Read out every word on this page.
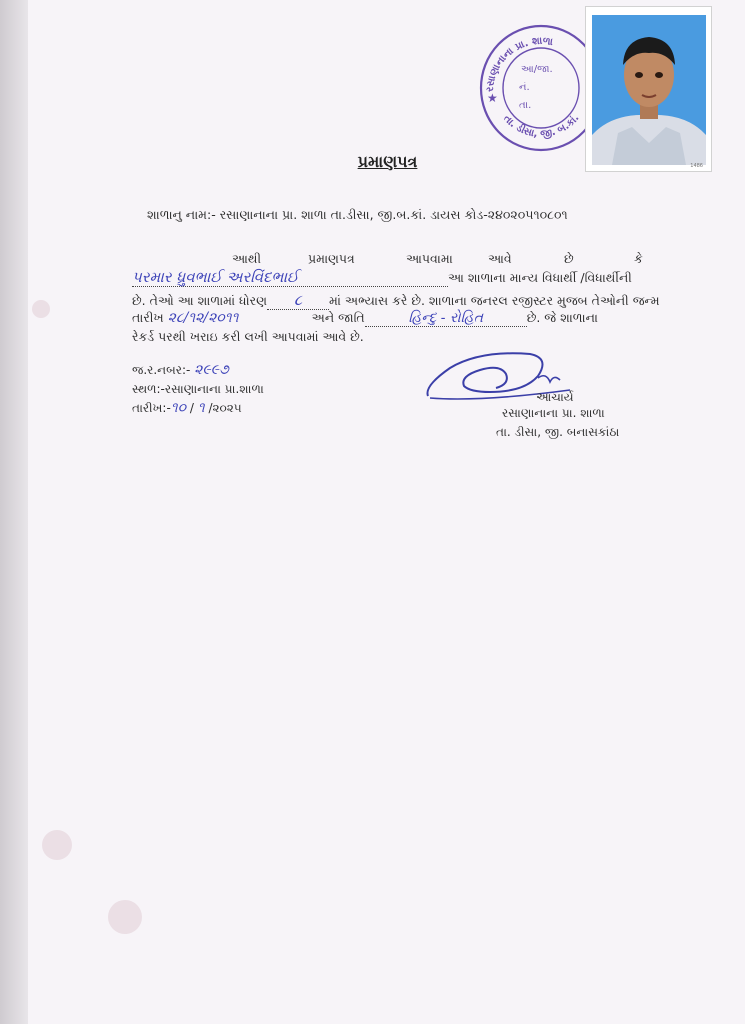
રસાણાનાના પ્રા. શાળા
તા. ડીસા, જી. બ.કાં.
આ/જા.
નં.
તા.
★
1486
પ્રમાણપત્ર
શાળાનુ નામ:- રસાણાનાના પ્રા. શાળા તા.ડીસા, જી.બ.કાં. ડાયસ કોડ-૨૪૦૨૦૫૧૦૮૦૧
આથી	પ્રમાણપત્ર	આપવામા	આવે	છે	કે
પરમાર ધ્રુવભાઈ અરવિંદભાઈ	આ શાળાના માન્ય વિધાર્થી /વિધાર્થીની
છે. તેઓ આ શાળામાં ધોરણ ૮ માં અભ્યાસ કરે છે. શાળાના જનરલ રજીસ્ટર મુજબ તેઓની જન્મ
તારીખ ૨૮/૧૨/૨૦૧૧	અને જાતિ	હિન્દુ - રોહિત	છે. જે શાળાના
રેકર્ડ પરથી ખરાઇ કરી લખી આપવામાં આવે છે.
જ.ર.નબર:- ૨૯૯૭
સ્થળ:-રસાણાનાના પ્રા.શાળા
તારીખ:-૧૦ / ૧ /૨૦૨૫
આચાર્ય
રસાણાનાના પ્રા. શાળા
તા. ડીસા, જી. બનાસકાંઠા
